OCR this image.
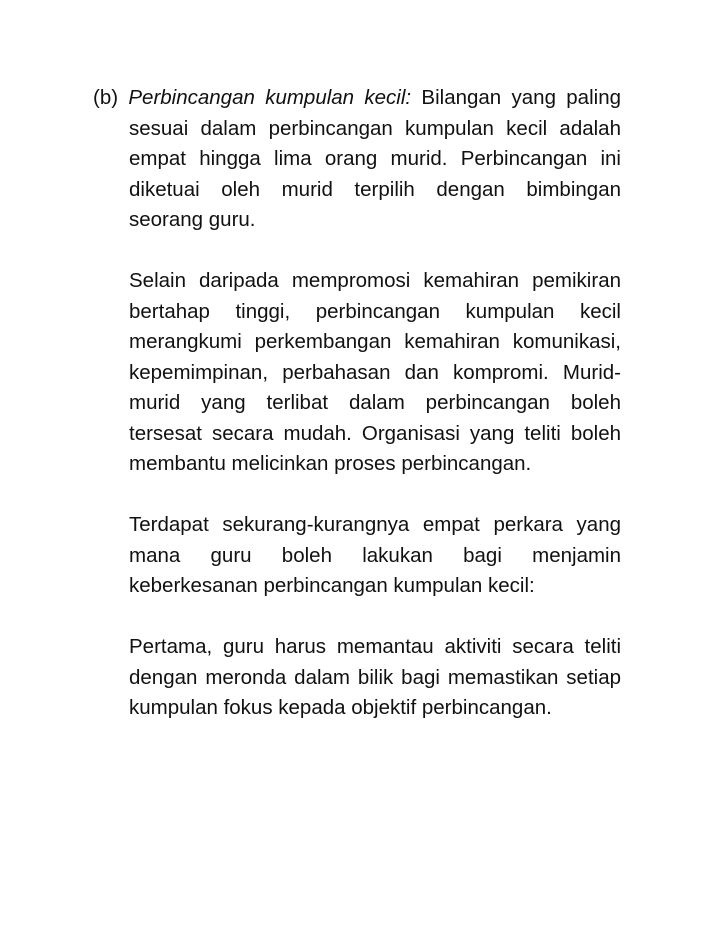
(b) Perbincangan kumpulan kecil: Bilangan yang paling sesuai dalam perbincangan kumpulan kecil adalah empat hingga lima orang murid. Perbincangan ini diketuai oleh murid terpilih dengan bimbingan seorang guru.

Selain daripada mempromosi kemahiran pemikiran bertahap tinggi, perbincangan kumpulan kecil merangkumi perkembangan kemahiran komunikasi, kepemimpinan, perbahasan dan kompromi. Murid-murid yang terlibat dalam perbincangan boleh tersesat secara mudah. Organisasi yang teliti boleh membantu melicinkan proses perbincangan.

Terdapat sekurang-kurangnya empat perkara yang mana guru boleh lakukan bagi menjamin keberkesanan perbincangan kumpulan kecil:

Pertama, guru harus memantau aktiviti secara teliti dengan meronda dalam bilik bagi memastikan setiap kumpulan fokus kepada objektif perbincangan.
